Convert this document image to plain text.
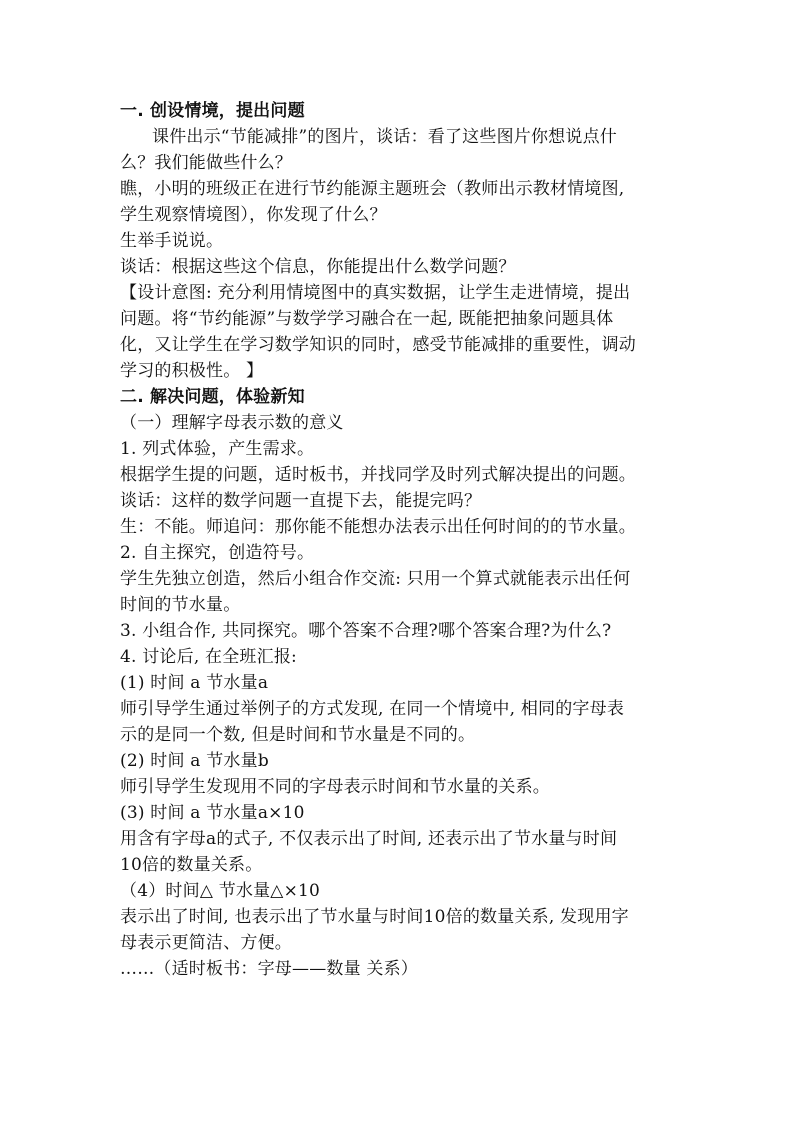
一. 创设情境，提出问题
课件出示“节能减排”的图片，谈话：看了这些图片你想说点什
么？我们能做些什么？
瞧，小明的班级正在进行节约能源主题班会（教师出示教材情境图,
学生观察情境图），你发现了什么？
生举手说说。
谈话：根据这些这个信息，你能提出什么数学问题？
【设计意图: 充分利用情境图中的真实数据，让学生走进情境，提出
问题。将“节约能源”与数学学习融合在一起, 既能把抽象问题具体
化，又让学生在学习数学知识的同时，感受节能减排的重要性，调动
学习的积极性。 】
二. 解决问题，体验新知
（一）理解字母表示数的意义
1. 列式体验，产生需求。
根据学生提的问题，适时板书，并找同学及时列式解决提出的问题。
谈话：这样的数学问题一直提下去，能提完吗？
生：不能。师追问：那你能不能想办法表示出任何时间的的节水量。
2. 自主探究，创造符号。
学生先独立创造，然后小组合作交流: 只用一个算式就能表示出任何
时间的节水量。
3. 小组合作, 共同探究。哪个答案不合理?哪个答案合理?为什么?
4. 讨论后, 在全班汇报:
(1) 时间 a 节水量a
师引导学生通过举例子的方式发现, 在同一个情境中, 相同的字母表
示的是同一个数, 但是时间和节水量是不同的。
(2) 时间 a 节水量b
师引导学生发现用不同的字母表示时间和节水量的关系。
(3) 时间 a 节水量a×10
用含有字母a的式子, 不仅表示出了时间, 还表示出了节水量与时间
10倍的数量关系。
（4）时间△ 节水量△×10
表示出了时间, 也表示出了节水量与时间10倍的数量关系, 发现用字
母表示更简洁、方便。
……（适时板书：字母——数量 关系）
